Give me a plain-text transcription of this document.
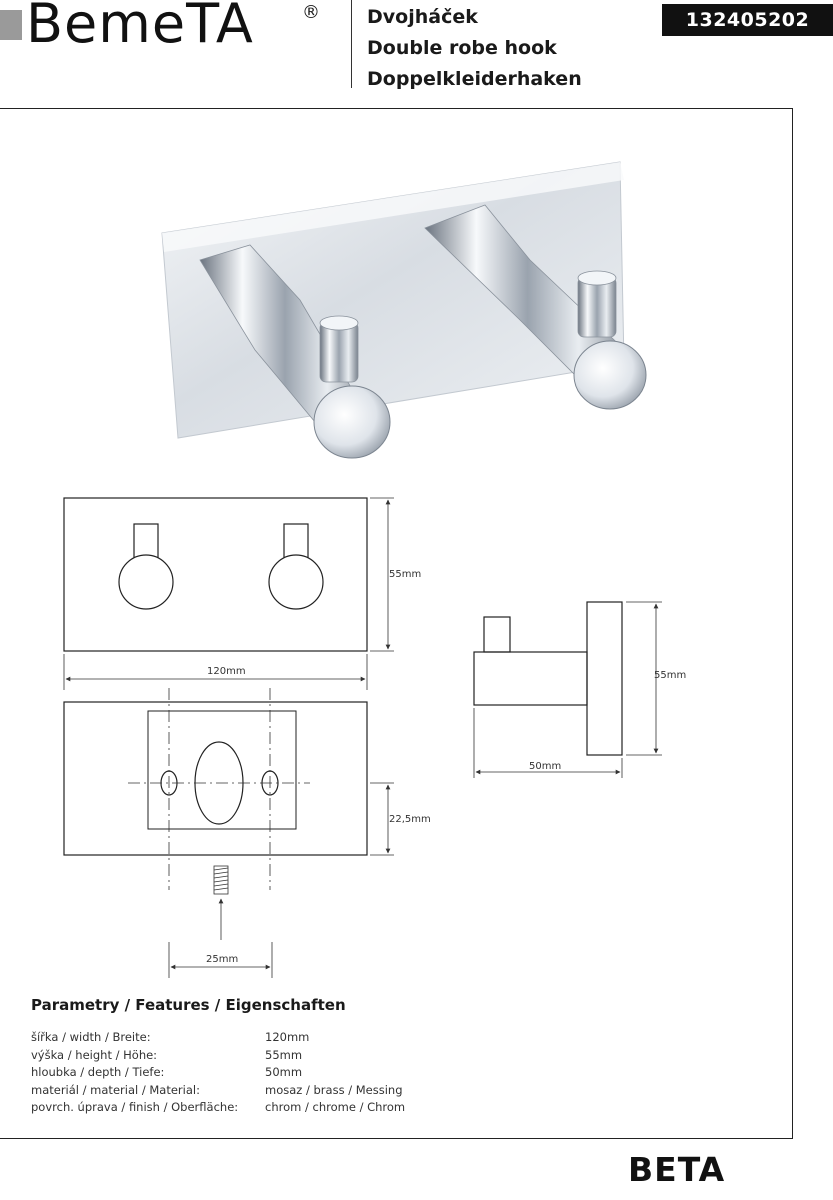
BemeTA	® Dvojháček
Double robe hook
Doppelkleiderhaken
132405202
55mm
120mm
22,5mm
25mm
55mm
50mm
Parametry / Features / Eigenschaften
šířka / width / Breite:	120mm
výška / height / Höhe:	55mm
hloubka / depth / Tiefe:	50mm
materiál / material / Material:	mosaz / brass / Messing
povrch. úprava / finish / Oberfläche: chrom / chrome / Chrom
BETA
